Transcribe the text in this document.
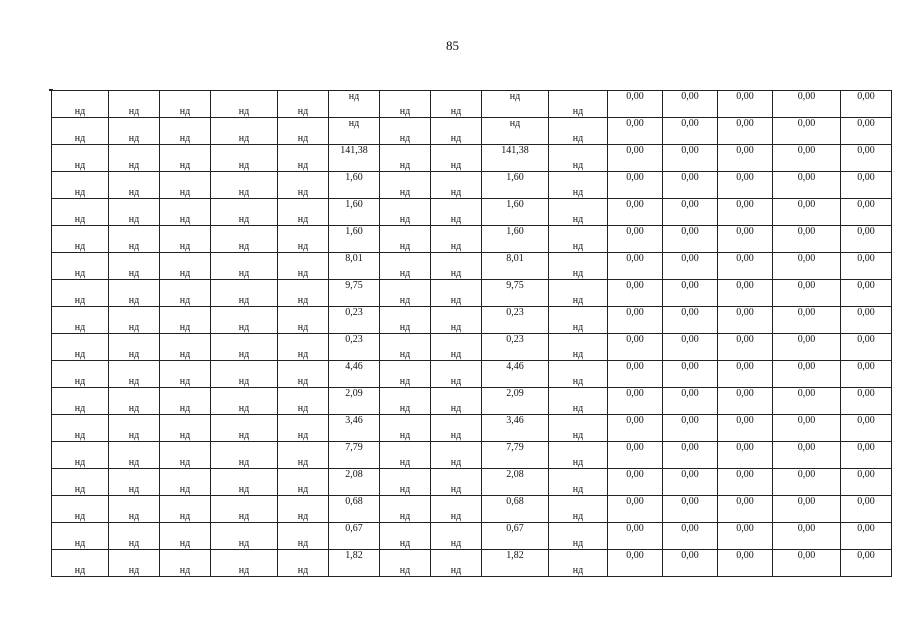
85
нд	нд	нд	нд	нд	нд	нд	нд	нд	нд	0,00	0,00	0,00	0,00	0,00
нд	нд	нд	нд	нд	нд	нд	нд	нд	нд	0,00	0,00	0,00	0,00	0,00
нд	нд	нд	нд	нд	141,38	нд	нд	141,38	нд	0,00	0,00	0,00	0,00	0,00
нд	нд	нд	нд	нд	1,60	нд	нд	1,60	нд	0,00	0,00	0,00	0,00	0,00
нд	нд	нд	нд	нд	1,60	нд	нд	1,60	нд	0,00	0,00	0,00	0,00	0,00
нд	нд	нд	нд	нд	1,60	нд	нд	1,60	нд	0,00	0,00	0,00	0,00	0,00
нд	нд	нд	нд	нд	8,01	нд	нд	8,01	нд	0,00	0,00	0,00	0,00	0,00
нд	нд	нд	нд	нд	9,75	нд	нд	9,75	нд	0,00	0,00	0,00	0,00	0,00
нд	нд	нд	нд	нд	0,23	нд	нд	0,23	нд	0,00	0,00	0,00	0,00	0,00
нд	нд	нд	нд	нд	0,23	нд	нд	0,23	нд	0,00	0,00	0,00	0,00	0,00
нд	нд	нд	нд	нд	4,46	нд	нд	4,46	нд	0,00	0,00	0,00	0,00	0,00
нд	нд	нд	нд	нд	2,09	нд	нд	2,09	нд	0,00	0,00	0,00	0,00	0,00
нд	нд	нд	нд	нд	3,46	нд	нд	3,46	нд	0,00	0,00	0,00	0,00	0,00
нд	нд	нд	нд	нд	7,79	нд	нд	7,79	нд	0,00	0,00	0,00	0,00	0,00
нд	нд	нд	нд	нд	2,08	нд	нд	2,08	нд	0,00	0,00	0,00	0,00	0,00
нд	нд	нд	нд	нд	0,68	нд	нд	0,68	нд	0,00	0,00	0,00	0,00	0,00
нд	нд	нд	нд	нд	0,67	нд	нд	0,67	нд	0,00	0,00	0,00	0,00	0,00
нд	нд	нд	нд	нд	1,82	нд	нд	1,82	нд	0,00	0,00	0,00	0,00	0,00
